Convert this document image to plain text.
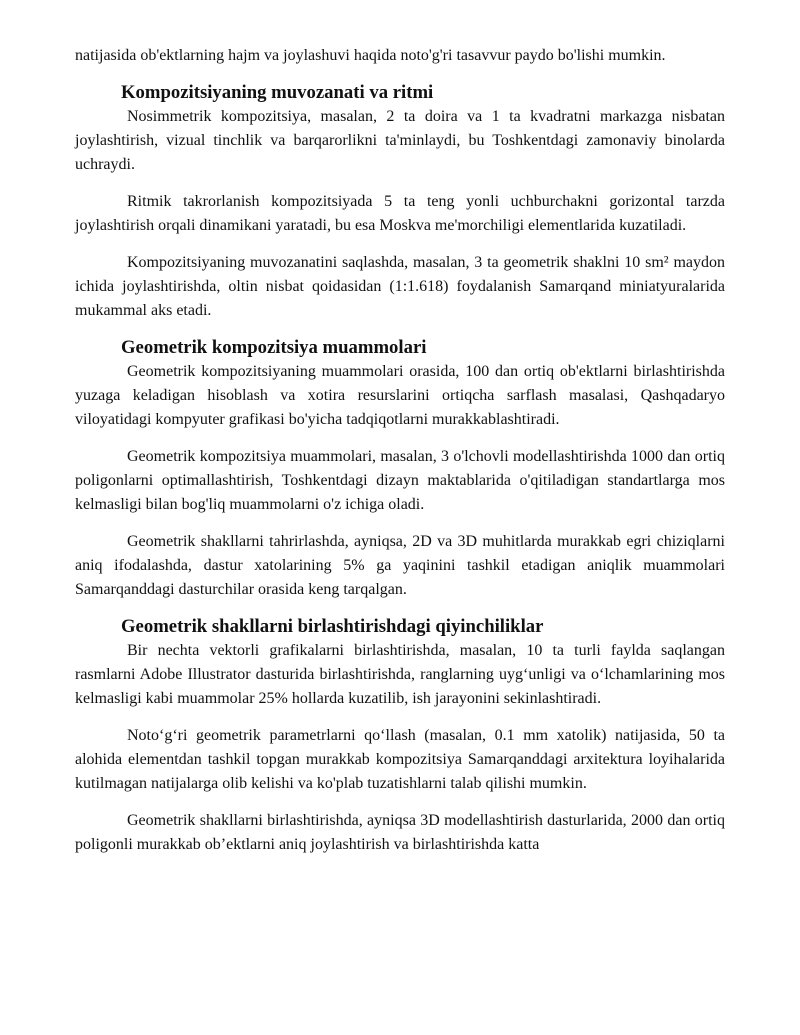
natijasida ob'ektlarning hajm va joylashuvi haqida noto'g'ri tasavvur paydo bo'lishi mumkin.

Kompozitsiyaning muvozanati va ritmi

Nosimmetrik kompozitsiya, masalan, 2 ta doira va 1 ta kvadratni markazga nisbatan joylashtirish, vizual tinchlik va barqarorlikni ta'minlaydi, bu Toshkentdagi zamonaviy binolarda uchraydi.

Ritmik takrorlanish kompozitsiyada 5 ta teng yonli uchburchakni gorizontal tarzda joylashtirish orqali dinamikani yaratadi, bu esa Moskva me'morchiligi elementlarida kuzatiladi.

Kompozitsiyaning muvozanatini saqlashda, masalan, 3 ta geometrik shaklni 10 sm² maydon ichida joylashtirishda, oltin nisbat qoidasidan (1:1.618) foydalanish Samarqand miniatyuralarida mukammal aks etadi.

Geometrik kompozitsiya muammolari

Geometrik kompozitsiyaning muammolari orasida, 100 dan ortiq ob'ektlarni birlashtirishda yuzaga keladigan hisoblash va xotira resurslarini ortiqcha sarflash masalasi, Qashqadaryo viloyatidagi kompyuter grafikasi bo'yicha tadqiqotlarni murakkablashtiradi.

Geometrik kompozitsiya muammolari, masalan, 3 o'lchovli modellashtirishda 1000 dan ortiq poligonlarni optimallashtirish, Toshkentdagi dizayn maktablarida o'qitiladigan standartlarga mos kelmasligi bilan bog'liq muammolarni o'z ichiga oladi.

Geometrik shakllarni tahrirlashda, ayniqsa, 2D va 3D muhitlarda murakkab egri chiziqlarni aniq ifodalashda, dastur xatolarining 5% ga yaqinini tashkil etadigan aniqlik muammolari Samarqanddagi dasturchilar orasida keng tarqalgan.

Geometrik shakllarni birlashtirishdagi qiyinchiliklar

Bir nechta vektorli grafikalarni birlashtirishda, masalan, 10 ta turli faylda saqlangan rasmlarni Adobe Illustrator dasturida birlashtirishda, ranglarning uyg‘unligi va o‘lchamlarining mos kelmasligi kabi muammolar 25% hollarda kuzatilib, ish jarayonini sekinlashtiradi.

Noto‘g‘ri geometrik parametrlarni qo‘llash (masalan, 0.1 mm xatolik) natijasida, 50 ta alohida elementdan tashkil topgan murakkab kompozitsiya Samarqanddagi arxitektura loyihalarida kutilmagan natijalarga olib kelishi va ko'plab tuzatishlarni talab qilishi mumkin.

Geometrik shakllarni birlashtirishda, ayniqsa 3D modellashtirish dasturlarida, 2000 dan ortiq poligonli murakkab ob’ektlarni aniq joylashtirish va birlashtirishda katta
